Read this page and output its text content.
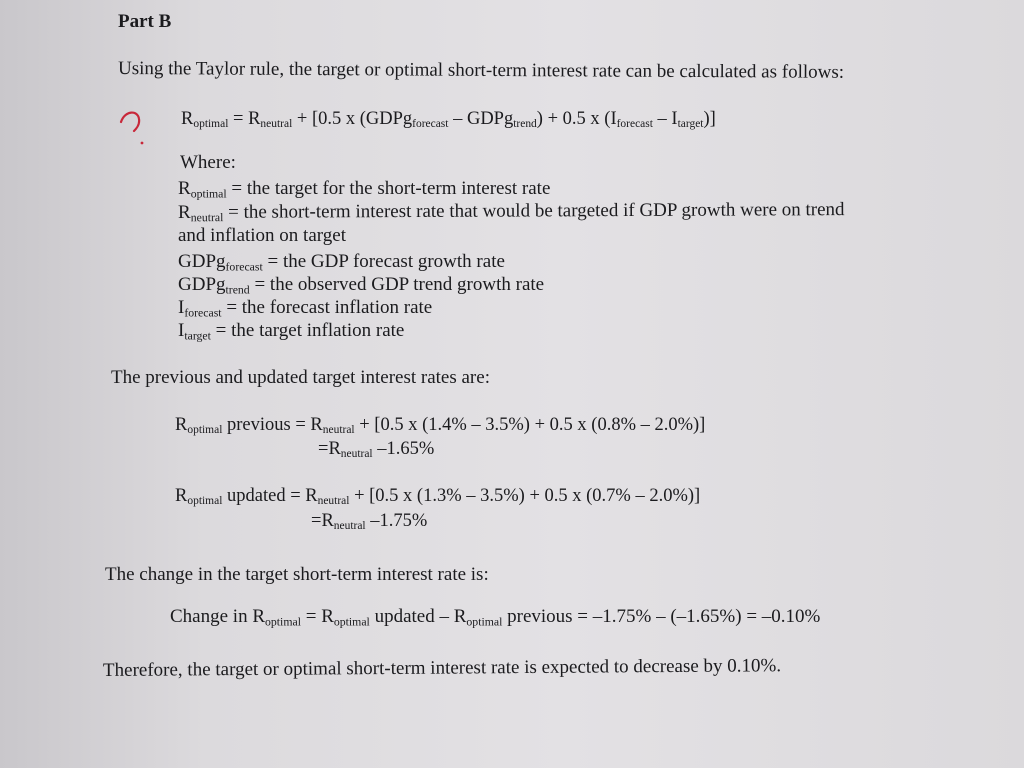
Part B
Using the Taylor rule, the target or optimal short-term interest rate can be calculated as follows:
$R_{optimal} = R_{neutral} + [0.5$ x (GDPg$_{forecast}$ – GDPg$_{trend}$) + 0.5 x $(I_{forecast} - I_{target})$]
Where:
$R_{optimal}$ = the target for the short-term interest rate
$R_{neutral}$ = the short-term interest rate that would be targeted if GDP growth were on trend
and inflation on target
GDPg$_{forecast}$ = the GDP forecast growth rate
GDPg$_{trend}$ = the observed GDP trend growth rate
$I_{forecast}$ = the forecast inflation rate
$I_{target}$ = the target inflation rate
The previous and updated target interest rates are:
$R_{optimal}$ previous = $R_{neutral} + [0.5$ x (1.4% – 3.5%) + 0.5 x (0.8% – 2.0%)]
$=R_{neutral}$ –1.65%
$R_{optimal}$ updated = $R_{neutral} + [0.5$ x (1.3% – 3.5%) + 0.5 x (0.7% – 2.0%)]
$=R_{neutral}$ –1.75%
The change in the target short-term interest rate is:
Change in $R_{optimal} = R_{optimal}$ updated – $R_{optimal}$ previous = –1.75% – (–1.65%) = –0.10%
Therefore, the target or optimal short-term interest rate is expected to decrease by 0.10%.
